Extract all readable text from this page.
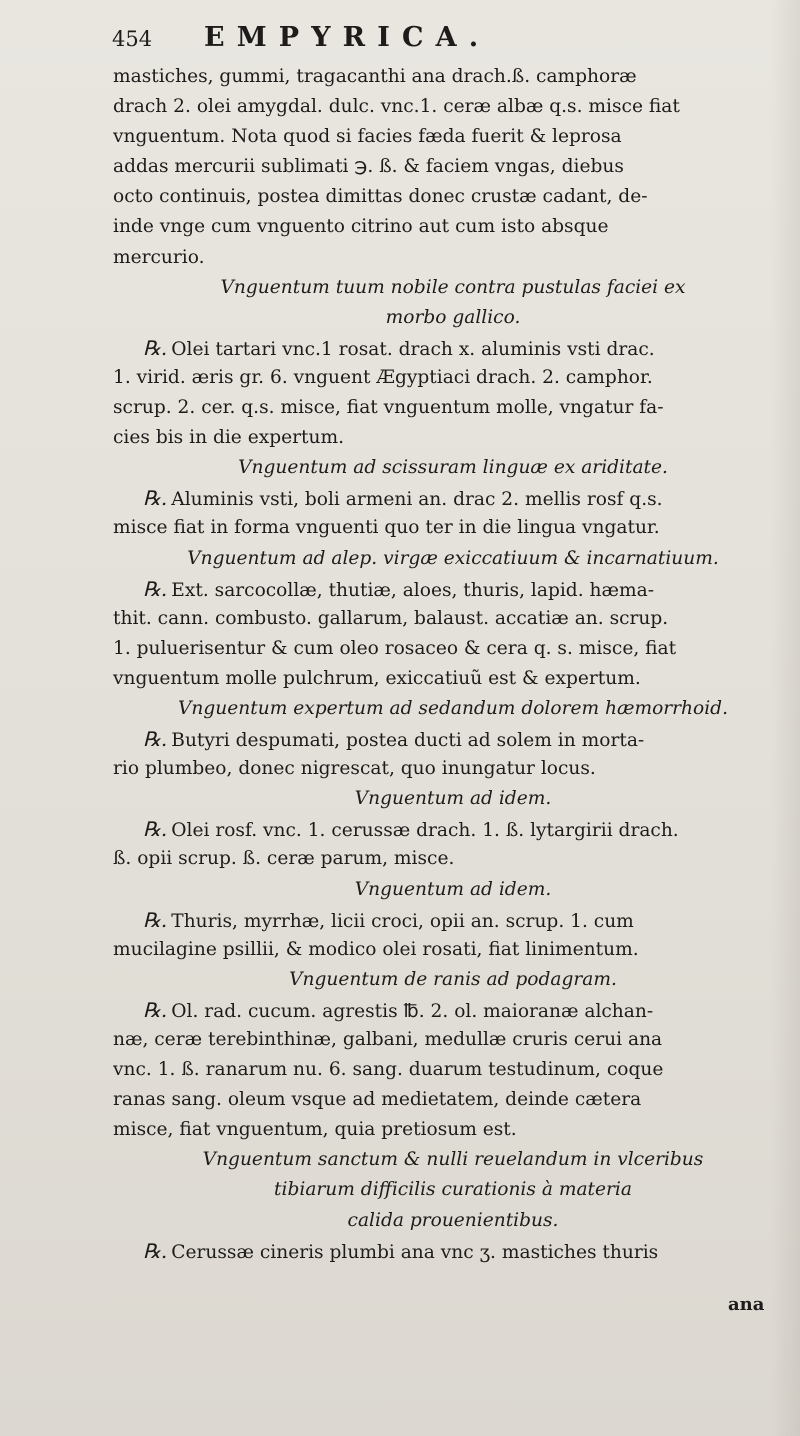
454	EMPYRICA.
mastiches, gummi, tragacanthi ana drach.ß. camphoræ
drach 2. olei amygdal. dulc. vnc.1. ceræ albæ q.s. misce fiat
vnguentum. Nota quod si facies fæda fuerit & leprosa
addas mercurii sublimati ℈. ß. & faciem vngas, diebus
octo continuis, postea dimittas donec crustæ cadant, de-
inde vnge cum vnguento citrino aut cum isto absque
mercurio.
Vnguentum tuum nobile contra pustulas faciei ex
morbo gallico.
℞. Olei tartari vnc.1 rosat. drach x. aluminis vsti drac.
1. virid. æris gr. 6. vnguent Ægyptiaci drach. 2. camphor.
scrup. 2. cer. q.s. misce, fiat vnguentum molle, vngatur fa-
cies bis in die expertum.
Vnguentum ad scissuram linguæ ex ariditate.
℞. Aluminis vsti, boli armeni an. drac 2. mellis rosf q.s.
misce fiat in forma vnguenti quo ter in die lingua vngatur.
Vnguentum ad alep. virgæ exiccatiuum & incarnatiuum.
℞. Ext. sarcocollæ, thutiæ, aloes, thuris, lapid. hæma-
thit. cann. combusto. gallarum, balaust. accatiæ an. scrup.
1. puluerisentur & cum oleo rosaceo & cera q. s. misce, fiat
vnguentum molle pulchrum, exiccatiuũ est & expertum.
Vnguentum expertum ad sedandum dolorem hæmorrhoid.
℞. Butyri despumati, postea ducti ad solem in morta-
rio plumbeo, donec nigrescat, quo inungatur locus.
Vnguentum ad idem.
℞. Olei rosf. vnc. 1. cerussæ drach. 1. ß. lytargirii drach.
ß. opii scrup. ß. ceræ parum, misce.
Vnguentum ad idem.
℞. Thuris, myrrhæ, licii croci, opii an. scrup. 1. cum
mucilagine psillii, & modico olei rosati, fiat linimentum.
Vnguentum de ranis ad podagram.
℞. Ol. rad. cucum. agrestis ℔. 2. ol. maioranæ alchan-
næ, ceræ terebinthinæ, galbani, medullæ cruris cerui ana
vnc. 1. ß. ranarum nu. 6. sang. duarum testudinum, coque
ranas sang. oleum vsque ad medietatem, deinde cætera
misce, fiat vnguentum, quia pretiosum est.
Vnguentum sanctum & nulli reuelandum in vlceribus
tibiarum difficilis curationis à materia
calida prouenientibus.
℞. Cerussæ cineris plumbi ana vnc ʒ. mastiches thuris
ana
